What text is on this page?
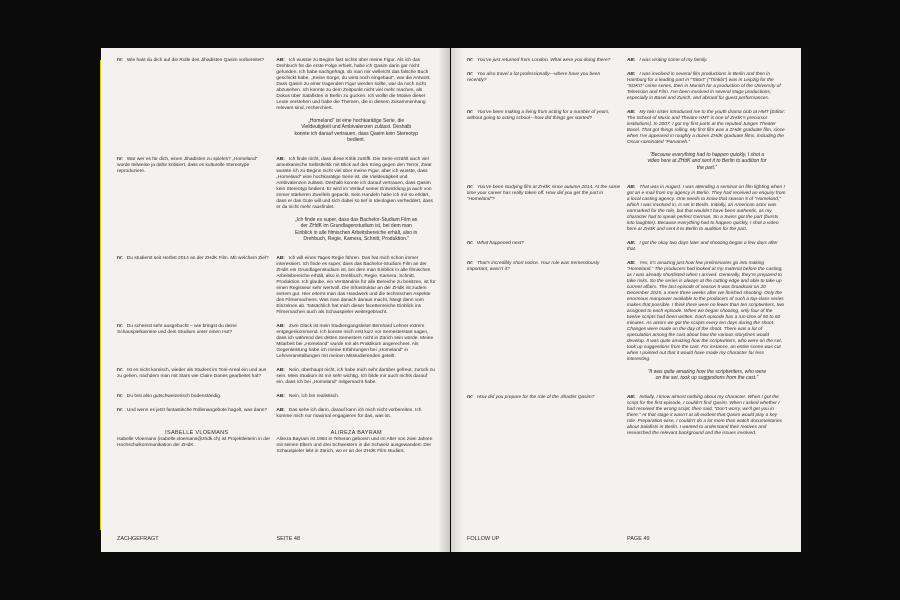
IV: Wie hast du dich auf die Rolle des Jihadisten Qasim vorbereitet?	AB: Ich wusste zu Beginn fast nichts über meine Figur. Als ich das Drehbuch für die erste Folge erhielt, habe ich Qasim darin gar nicht gefunden. Ich habe nachgefragt, ob man mir vielleicht das falsche Buch geschickt habe. „Keine Sorge, du wirst noch eingebaut“, war die Antwort. Dass Qasim zu einer tragenden Figur werden sollte, war da noch nicht abzusehen. Ich konnte zu dem Zeitpunkt nicht viel mehr machen, als Dokus über Salafisten in Berlin zu gucken. Ich wollte die Motive dieser Leute verstehen und habe die Themen, die in diesem Zusammenhang relevant sind, recherchiert.
„Homeland“ ist eine hochkarätige Serie, die Vieldeutigkeit und Ambivalenzen zulässt. Deshalb konnte ich darauf vertrauen, dass Qasim kein Stereotyp bedient.
IV: War wer es für dich, einen Jihadisten zu spielen? „Homeland“ wurde teilweise ja dafür kritisiert, dass es kulturelle Stereotype reproduziere.
AB: Ich finde nicht, dass diese Kritik zutrifft. Die Serie erzählt auch viel amerikanische Selbstkritik mit Blick auf den Krieg gegen den Terror. Zwar wusste ich zu Beginn nicht viel über meine Figur, aber ich wusste, dass „Homeland“ eine hochkarätige Serie ist, die Vieldeutigkeit und Ambivalenzen zulässt. Deshalb konnte ich darauf vertrauen, dass Qasim kein Stereotyp bedient. Er wird im Verlauf seiner Entwicklung ja auch von immer stärkeren Zweifeln gepackt. Sein Handeln habe ich mir so erklärt, dass er das Gute will und sich dabei so tief in Ideologien verheddert, dass er da nicht mehr rausfindet.
„Ich finde es super, dass das Bachelor-Studium Film an der ZHdK im Grundlagenstudium ist, bei dem man Einblick in alle filmischen Arbeitsbereiche erhält, also in Drehbuch, Regie, Kamera, Schnitt, Produktion.“
IV: Du studierst seit Herbst 2014 an der ZHdK Film. Mit welchem Ziel?	AB: Ich will eines Tages Regie führen. Das hat mich schon immer interessiert. Ich finde es super, dass das Bachelor-Studium Film an der ZHdK ein Grundlagenstudium ist, bei dem man Einblick in alle filmischen Arbeitsbereiche erhält, also in Drehbuch, Regie, Kamera, Schnitt, Produktion. Ich glaube, ein Verständnis für alle Bereiche zu besitzen, ist für einen Regisseur sehr wertvoll. Die Infrastruktur an der ZHdK ist zudem extrem gut. Hier erlernt man das Handwerk und die technischen Aspekte des Filmemachens. Was man danach daraus macht, hängt dann vom Einzelnen ab. Tatsächlich hat mich dieser facettenreiche Einblick ins Filmemachen auch als Schauspieler weitergebracht.
IV: Du scheinst sehr ausgebucht – wie bringst du deine Schauspielkarriere und dein Studium unter einen Hut?
AB: Zum Glück ist mein Studiengangsleiter Bernhard Lehner extrem entgegenkommend. Ich konnte mich erst kurz vor Semesterstart sagen, dass ich während des dritten Semesters nicht in Zürich sein würde. Meine Mitarbeit bei „Homeland“ wurde mir als Praktikum angerechnet. Als Gegenleistung habe ich meine Erfahrungen bei „Homeland“ in Lehrveranstaltungen mit meinen Mitstudierenden geteilt.
IV: Ist es nicht komisch, wieder als Student im Toni-Areal ein und aus zu gehen, nachdem man mit Stars wie Claire Danes gearbeitet hat?
AB: Nein, überhaupt nicht, ich habe mich sehr darüber gefreut, zurück zu sein. Mein Studium ist mir sehr wichtig. Ich bilde mir auch nichts darauf ein, dass ich bei „Homeland“ mitgemacht habe.
IV: Du bist also gutschweizerisch bodenständig.	AB: Nein, ich bin realistisch.
IV: Und wenn es jetzt fantastische Rollenangebote hagelt, was dann?	AB: Das sehe ich dann, darauf kann ich mich nicht vorbereiten. Ich komme mich nur maximal engagieren für das, was ist.
ISABELLE VLOEMANS
Isabelle Vloemans (isabelle.vloemans@zhdk.ch) ist Projektleiterin in der Hochschulkommunikation der ZHdK.
ALIREZA BAYRAM
Alireza Bayram ist 1984 in Teheran geboren und im Alter von zwei Jahren mit seinen Eltern und drei Schwestern in die Schweiz ausgewandert. Der Schauspieler lebt in Zürich, wo er an der ZHdK Film studiert.
ZACHGEFRAGT	SEITE 48
IV: You’ve just returned from London. What were you doing there?	AB: I was visiting some of my family.
IV: You also travel a lot professionally—where have you been recently?
AB: I was involved in several film productions in Berlin and then in Hamburg for a leading part in “Tatort” (“Trinkla”) was in Leipzig for the “SOKO” crime series, then in Munich for a production of the University of Television and Film. I’ve been involved in several stage productions, especially in Basel and Zurich, and abroad for guest performances.
IV: You’ve been making a living from acting for a number of years, without going to acting school—how did things get started?
AB: My twin sister introduced me to the youth drama club at HMT [Editor: The School of Music and Theatre HMT is one of ZHdK’s precursor institutions]. In 2007, I got my first parts at the reputed Junges Theater Basel. That got things rolling. My first film was a ZHdK graduate film, since when I’ve appeared in roughly a dozen ZHdK graduate films, including the Oscar-nominated “Parvaneh.”
“Because everything had to happen quickly, I shot a video here at ZHdK and sent it to Berlin to audition for the part.”
IV: You’ve been studying film at ZHdK since autumn 2014. At the same time your career has really taken off. How did you get the part in “Homeland”?
AB: That was in August. I was attending a seminar on film lighting when I got an e-mail from my agency in Berlin. They had received an enquiry from a local casting agency. One needs to know that season 5 of “Homeland,” which I was involved in, is set in Berlin. Initially, an American actor was earmarked for the role, but that wouldn’t have been authentic, as my character had to speak perfect German. So a Swiss got the part (bursts into laughter). Because everything had to happen quickly, I shot a video here at ZHdK and sent it to Berlin to audition for the part.
IV: What happened next?	AB: I got the okay two days later and shooting began a few days after that.
IV: That’s incredibly short notice. Your role was tremendously important, wasn’t it?
AB: Yes, it’s amazing just how few preliminaries go into making “Homeland.” The producers had looked at my material before the casting, as I was already shortlisted when I arrived. Generally, they’re prepared to take risks. So the series is always at the cutting edge and able to take up current affairs. The last episode of season 5 was broadcast on 20 December 2015, a mere three weeks after we finished shooting. Only the enormous manpower available to the producers of such a top-class series makes that possible. I think there were no fewer than ten scriptwriters, two assigned to each episode. When we began shooting, only four of the twelve scripts had been written. Each episode has a run-time of 50 to 60 minutes. As actors we got the scripts every ten days during the shoot. Changes were made on the day of the shoot. There was a lot of speculation among the cast about how the various storylines would develop. It was quite amazing how the scriptwriters, who were on the set, took up suggestions from the cast. For instance, an entire scene was cut when I pointed out that it would have made my character far less interesting.
“It was quite amazing how the scriptwriters, who were on the set, took up suggestions from the cast.”
IV: How did you prepare for the role of the Jihadist Qasim?	AB: Initially, I knew almost nothing about my character. When I got the script for the first episode, I couldn’t find Qasim. When I asked whether I had received the wrong script, then said, “Don’t worry, we’ll get you in there.” At that stage it wasn’t at all evident that Qasim would play a key role. Preparation-wise, I couldn’t do a lot more than watch documentaries about Salafists in Berlin. I wanted to understand their motives and researched the relevant background and the issues involved.
FOLLOW UP	PAGE 49
